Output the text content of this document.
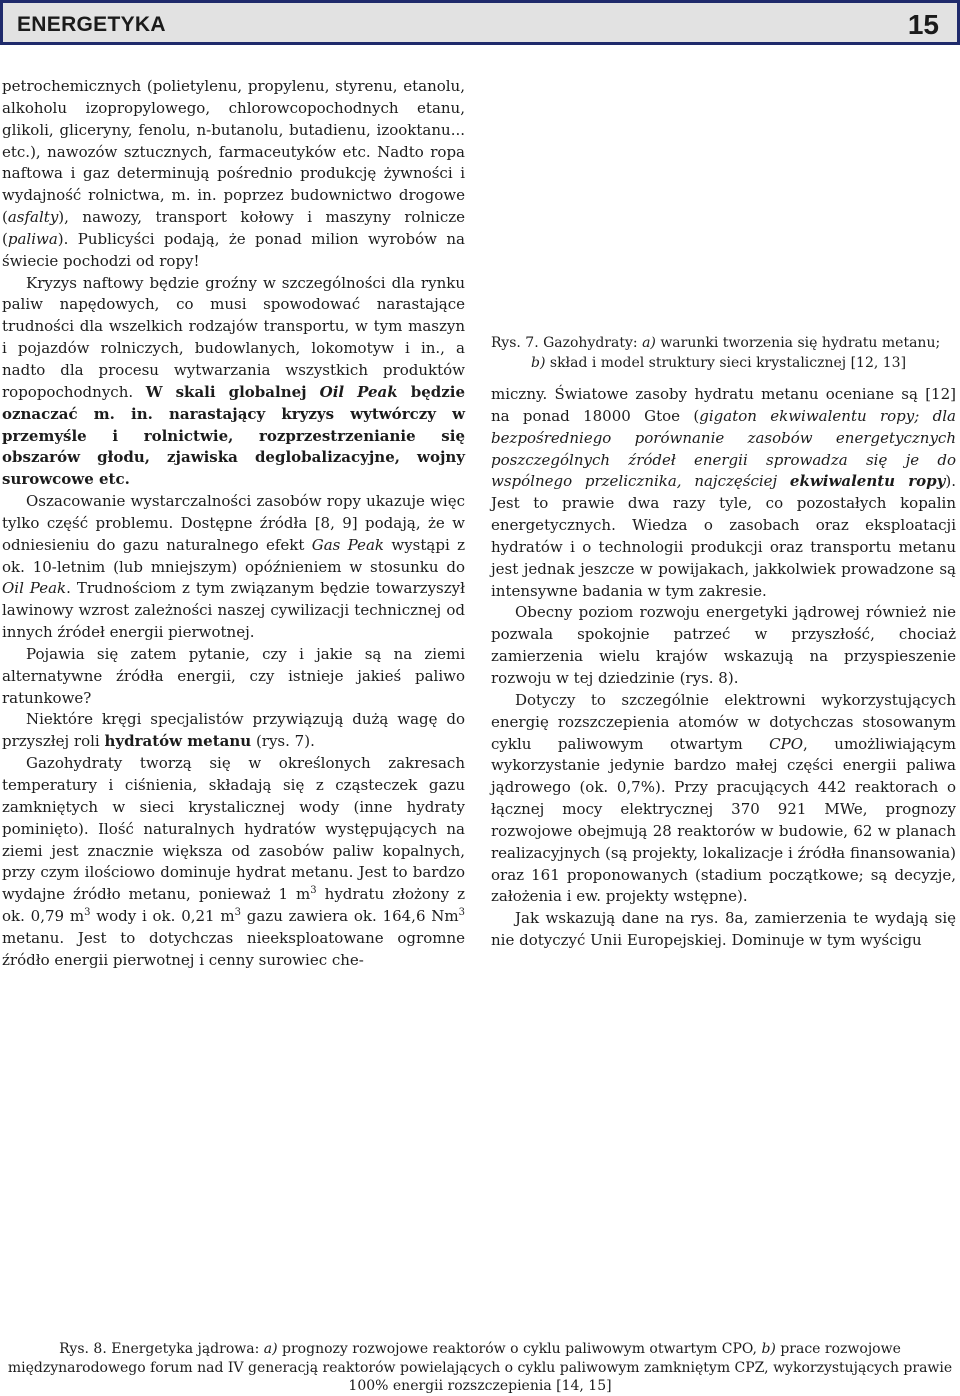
ENERGETYKA	15

petrochemicznych (polietylenu, propylenu, styrenu, etanolu, alkoholu izopropylowego, chlorowcopochodnych etanu, glikoli, gliceryny, fenolu, n-butanolu, butadienu, izooktanu... etc.), nawozów sztucznych, farmaceutyków etc. Nadto ropa naftowa i gaz determinują pośrednio produkcję żywności i wydajność rolnictwa, m. in. poprzez budownictwo drogowe (asfalty), nawozy, transport kołowy i maszyny rolnicze (paliwa). Publicyści podają, że ponad milion wyrobów na świecie pochodzi od ropy!

Kryzys naftowy będzie groźny w szczególności dla rynku paliw napędowych, co musi spowodować narastające trudności dla wszelkich rodzajów transportu, w tym maszyn i pojazdów rolniczych, budowlanych, lokomotyw i in., a nadto dla procesu wytwarzania wszystkich produktów ropopochodnych. W skali globalnej Oil Peak będzie oznaczać m. in. narastający kryzys wytwórczy w przemyśle i rolnictwie, rozprzestrzenianie się obszarów głodu, zjawiska deglobalizacyjne, wojny surowcowe etc.

Oszacowanie wystarczalności zasobów ropy ukazuje więc tylko część problemu. Dostępne źródła [8, 9] podają, że w odniesieniu do gazu naturalnego efekt Gas Peak wystąpi z ok. 10-letnim (lub mniejszym) opóźnieniem w stosunku do Oil Peak. Trudnościom z tym związanym będzie towarzyszył lawinowy wzrost zależności naszej cywilizacji technicznej od innych źródeł energii pierwotnej.

Pojawia się zatem pytanie, czy i jakie są na ziemi alternatywne źródła energii, czy istnieje jakieś paliwo ratunkowe?

Niektóre kręgi specjalistów przywiązują dużą wagę do przyszłej roli hydratów metanu (rys. 7).

Gazohydraty tworzą się w określonych zakresach temperatury i ciśnienia, składają się z cząsteczek gazu zamkniętych w sieci krystalicznej wody (inne hydraty pominięto). Ilość naturalnych hydratów występujących na ziemi jest znacznie większa od zasobów paliw kopalnych, przy czym ilościowo dominuje hydrat metanu. Jest to bardzo wydajne źródło metanu, ponieważ 1 $m^3$ hydratu złożony z ok. 0,79 $m^3$ wody i ok. 0,21 $m^3$ gazu zawiera ok. 164,6 Nm$^3$ metanu. Jest to dotychczas nieeksploatowane ogromne źródło energii pierwotnej i cenny surowiec che-

Rys. 7. Gazohydraty: a) warunki tworzenia się hydratu metanu;
b) skład i model struktury sieci krystalicznej [12, 13]

miczny. Światowe zasoby hydratu metanu oceniane są [12] na ponad 18000 Gtoe (gigaton ekwiwalentu ropy; dla bezpośredniego porównanie zasobów energetycznych poszczególnych źródeł energii sprowadza się je do wspólnego przelicznika, najczęściej ekwiwalentu ropy). Jest to prawie dwa razy tyle, co pozostałych kopalin energetycznych. Wiedza o zasobach oraz eksploatacji hydratów i o technologii produkcji oraz transportu metanu jest jednak jeszcze w powijakach, jakkolwiek prowadzone są intensywne badania w tym zakresie.

Obecny poziom rozwoju energetyki jądrowej również nie pozwala spokojnie patrzeć w przyszłość, chociaż zamierzenia wielu krajów wskazują na przyspieszenie rozwoju w tej dziedzinie (rys. 8).

Dotyczy to szczególnie elektrowni wykorzystujących energię rozszczepienia atomów w dotychczas stosowanym cyklu paliwowym otwartym CPO, umożliwiającym wykorzystanie jedynie bardzo małej części energii paliwa jądrowego (ok. 0,7%). Przy pracujących 442 reaktorach o łącznej mocy elektrycznej 370 921 MWe, prognozy rozwojowe obejmują 28 reaktorów w budowie, 62 w planach realizacyjnych (są projekty, lokalizacje i źródła finansowania) oraz 161 proponowanych (stadium początkowe; są decyzje, założenia i ew. projekty wstępne).

Jak wskazują dane na rys. 8a, zamierzenia te wydają się nie dotyczyć Unii Europejskiej. Dominuje w tym wyścigu

Rys. 8. Energetyka jądrowa: a) prognozy rozwojowe reaktorów o cyklu paliwowym otwartym CPO, b) prace rozwojowe międzynarodowego forum nad IV generacją reaktorów powielających o cyklu paliwowym zamkniętym CPZ, wykorzystujących prawie 100% energii rozszczepienia [14, 15]
